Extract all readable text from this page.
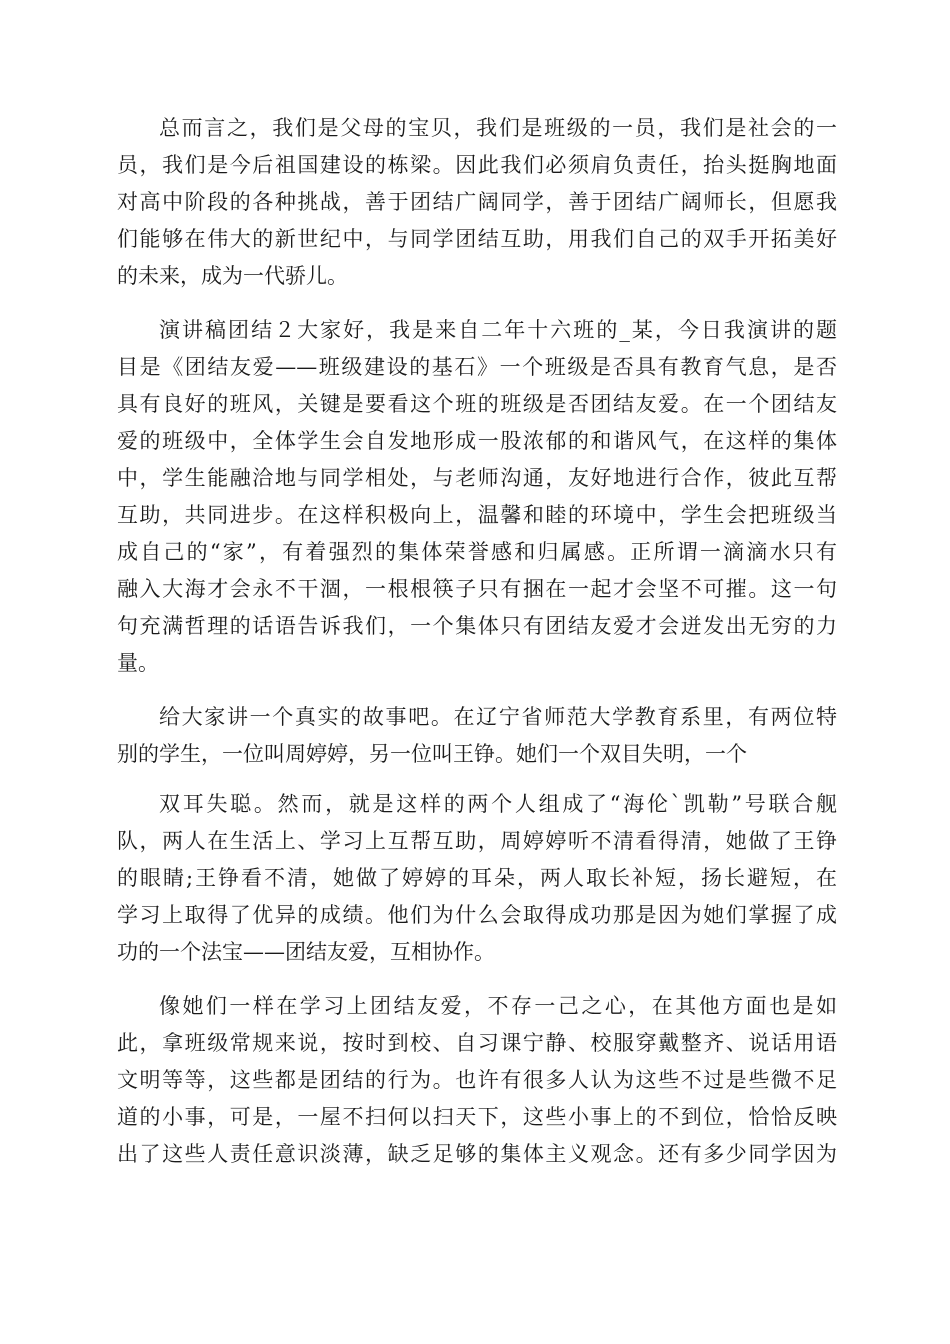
总而言之，我们是父母的宝贝，我们是班级的一员，我们是社会的一
员，我们是今后祖国建设的栋梁。因此我们必须肩负责任，抬头挺胸地面
对高中阶段的各种挑战，善于团结广阔同学，善于团结广阔师长，但愿我
们能够在伟大的新世纪中，与同学团结互助，用我们自己的双手开拓美好
的未来，成为一代骄儿。
演讲稿团结２大家好，我是来自二年十六班的_某，今日我演讲的题
目是《团结友爱——班级建设的基石》一个班级是否具有教育气息，是否
具有良好的班风，关键是要看这个班的班级是否团结友爱。在一个团结友
爱的班级中，全体学生会自发地形成一股浓郁的和谐风气，在这样的集体
中，学生能融洽地与同学相处，与老师沟通，友好地进行合作，彼此互帮
互助，共同进步。在这样积极向上，温馨和睦的环境中，学生会把班级当
成自己的“家”，有着强烈的集体荣誉感和归属感。正所谓一滴滴水只有
融入大海才会永不干涸，一根根筷子只有捆在一起才会坚不可摧。这一句
句充满哲理的话语告诉我们，一个集体只有团结友爱才会迸发出无穷的力
量。
给大家讲一个真实的故事吧。在辽宁省师范大学教育系里，有两位特
别的学生，一位叫周婷婷，另一位叫王铮。她们一个双目失明，一个
双耳失聪。然而，就是这样的两个人组成了“海伦`凯勒”号联合舰
队，两人在生活上、学习上互帮互助，周婷婷听不清看得清，她做了王铮
的眼睛;王铮看不清，她做了婷婷的耳朵，两人取长补短，扬长避短，在
学习上取得了优异的成绩。他们为什么会取得成功那是因为她们掌握了成
功的一个法宝——团结友爱，互相协作。
像她们一样在学习上团结友爱，不存一己之心，在其他方面也是如
此，拿班级常规来说，按时到校、自习课宁静、校服穿戴整齐、说话用语
文明等等，这些都是团结的行为。也许有很多人认为这些不过是些微不足
道的小事，可是，一屋不扫何以扫天下，这些小事上的不到位，恰恰反映
出了这些人责任意识淡薄，缺乏足够的集体主义观念。还有多少同学因为
